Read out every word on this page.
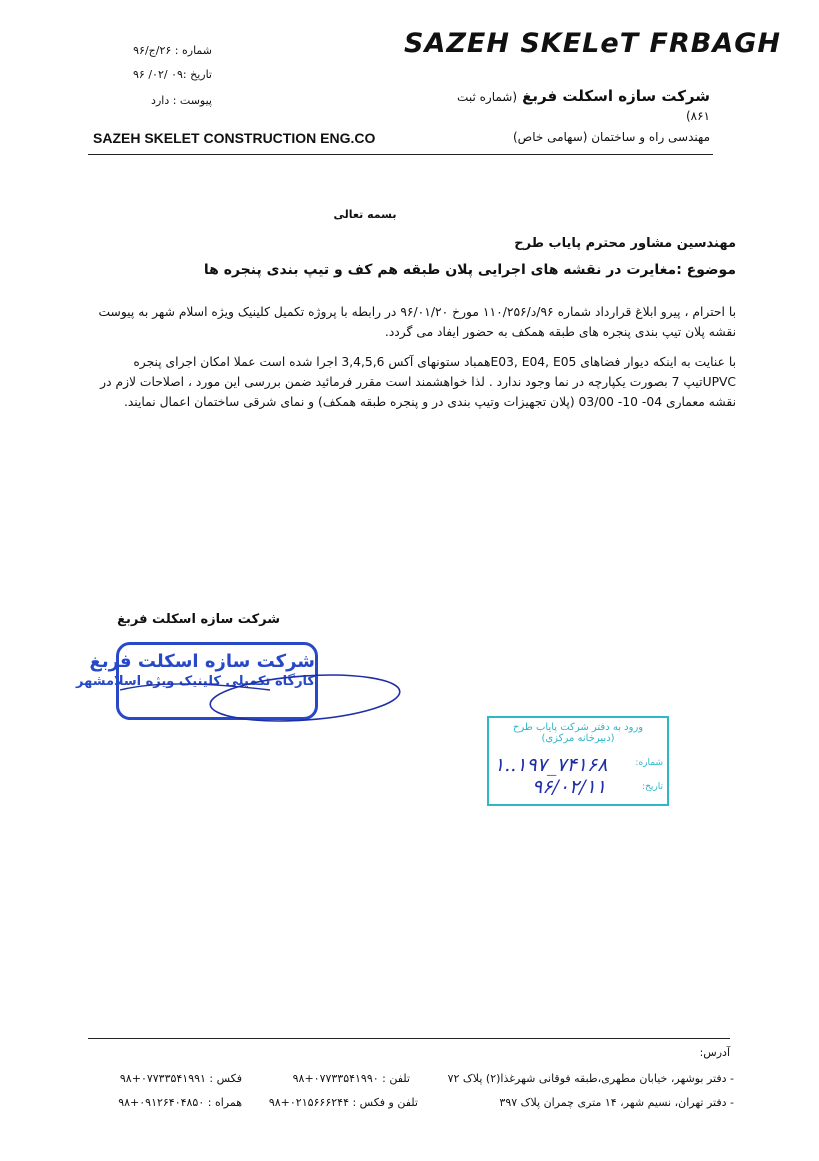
SAZEH SKELeT FRBAGH
شماره : ۲۶/ج/۹۶
تاریخ :۰۹ /۰۲/ ۹۶
پیوست : دارد	شرکت سازه اسکلت فربغ (شماره ثبت ۸۶۱)
SAZEH SKELET CONSTRUCTION ENG.CO	مهندسی راه و ساختمان (سهامی خاص)
بسمه تعالی
مهندسین مشاور محترم پایاب طرح
موضوع :مغایرت در نقشه های اجرایی پلان طبقه هم کف و تیپ بندی پنجره ها
با احترام ، پیرو ابلاغ قرارداد شماره ۹۶/د/۱۱۰/۲۵۶ مورخ ۹۶/۰۱/۲۰ در رابطه با پروژه تکمیل کلینیک ویژه اسلام شهر به پیوست نقشه پلان تیپ بندی پنجره های طبقه همکف به حضور ایفاد می گردد.
با عنایت به اینکه دیوار فضاهای E03, E04, E05همباد ستونهای آکس 3,4,5,6 اجرا شده است عملا امکان اجرای پنجره UPVCتیپ 7 بصورت یکپارچه در نما وجود ندارد . لذا خواهشمند است مقرر فرمائید ضمن بررسی این مورد ، اصلاحات لازم در نقشه معماری 04- 10- 03/00 (پلان تجهیزات وتیپ بندی در و پنجره طبقه همکف) و نمای شرقی ساختمان اعمال نمایند.
شرکت سازه اسکلت فربغ
شرکت سازه اسکلت فربغ
کارگاه تکمیلی کلینیک ویژه اسلامشهر
ورود به دفتر شرکت پایاب طرح
(دبیرخانه مرکزی)
شماره:
تاریخ:
۱..۱۹۷_۷۴۱۶۸
۹۶/۰۲/۱۱
آدرس:
- دفتر بوشهر، خیابان مطهری،طبقه فوقانی شهرغذا(۲) پلاک ۷۲
تلفن : ۰۷۷۳۳۵۴۱۹۹۰+۹۸
فکس : ۰۷۷۳۳۵۴۱۹۹۱+۹۸
- دفتر تهران، نسیم شهر، ۱۴ متری چمران پلاک ۳۹۷
تلفن و فکس : ۰۲۱۵۶۶۶۲۴۴+۹۸
همراه : ۰۹۱۲۶۴۰۴۸۵۰+۹۸
